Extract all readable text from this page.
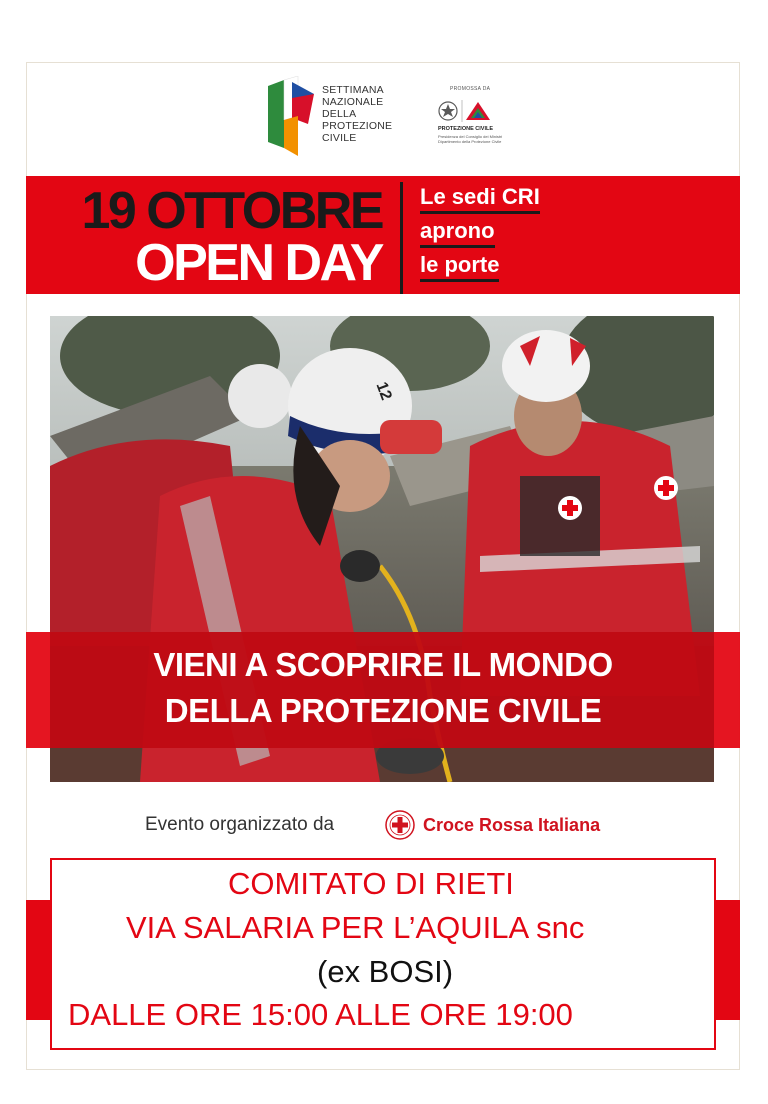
SETTIMANA
NAZIONALE
DELLA
PROTEZIONE
CIVILE
PROMOSSA DA
PROTEZIONE CIVILE
Presidenza del Consiglio dei Ministri
Dipartimento della Protezione Civile
19 OTTOBRE
OPEN DAY
Le sedi CRI
aprono
le porte
12
VIENI A SCOPRIRE IL MONDO
DELLA PROTEZIONE CIVILE
Evento organizzato da	Croce Rossa Italiana
COMITATO DI RIETI
VIA SALARIA PER L’AQUILA snc
(ex BOSI)
DALLE ORE 15:00 ALLE ORE 19:00
